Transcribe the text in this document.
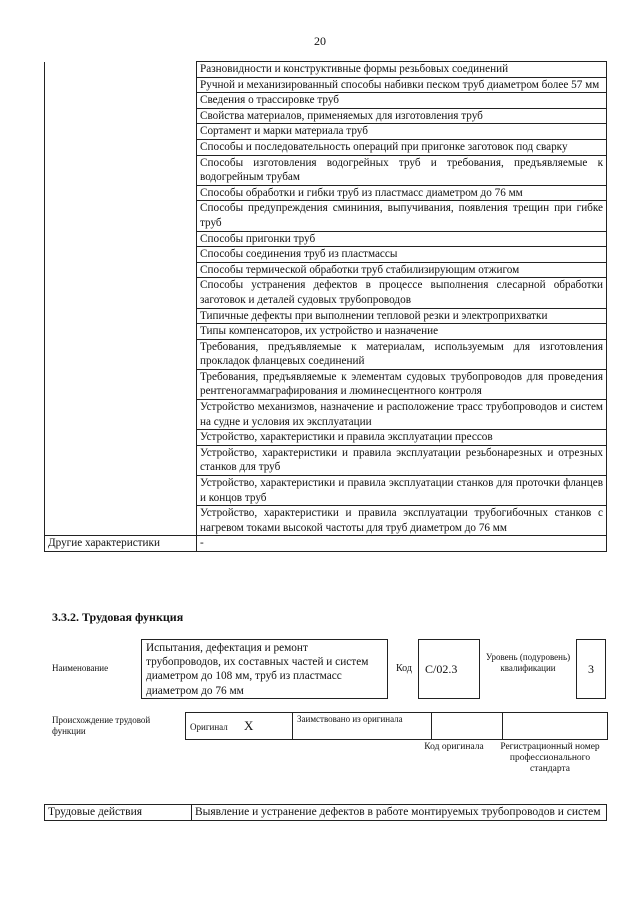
20
	Разновидности и конструктивные формы резьбовых соединений
	Ручной и механизированный способы набивки песком труб диаметром более 57 мм
	Сведения о трассировке труб
	Свойства материалов, применяемых для изготовления труб
	Сортамент и марки материала труб
	Способы и последовательность операций при пригонке заготовок под сварку
	Способы изготовления водогрейных труб и требования, предъявляемые к водогрейным трубам
	Способы обработки и гибки труб из пластмасс диаметром до 76 мм
	Способы предупреждения смининия, выпучивания, появления трещин при гибке труб
	Способы пригонки труб
	Способы соединения труб из пластмассы
	Способы термической обработки труб стабилизирующим отжигом
	Способы устранения дефектов в процессе выполнения слесарной обработки заготовок и деталей судовых трубопроводов
	Типичные дефекты при выполнении тепловой резки и электроприхватки
	Типы компенсаторов, их устройство и назначение
	Требования, предъявляемые к материалам, используемым для изготовления прокладок фланцевых соединений
	Требования, предъявляемые к элементам судовых трубопроводов для проведения рентгеногаммаграфирования и люминесцентного контроля
	Устройство механизмов, назначение и расположение трасс трубопроводов и систем на судне и условия их эксплуатации
	Устройство, характеристики и правила эксплуатации прессов
	Устройство, характеристики и правила эксплуатации резьбонарезных и отрезных станков для труб
	Устройство, характеристики и правила эксплуатации станков для проточки фланцев и концов труб
	Устройство, характеристики и правила эксплуатации трубогибочных станков с нагревом токами высокой частоты для труб диаметром до 76 мм
Другие характеристики	-
3.3.2. Трудовая функция
Наименование
Испытания, дефектация и ремонт трубопроводов, их составных частей и систем диаметром до 108 мм, труб из пластмасс диаметром до 76 мм
Код	C/02.3
Уровень (подуровень) квалификации	3
Происхождение трудовой функции	Оригинал X	Заимствовано из оригинала		
Код оригинала	Регистрационный номер профессионального стандарта
Трудовые действия	Выявление и устранение дефектов в работе монтируемых трубопроводов и систем
